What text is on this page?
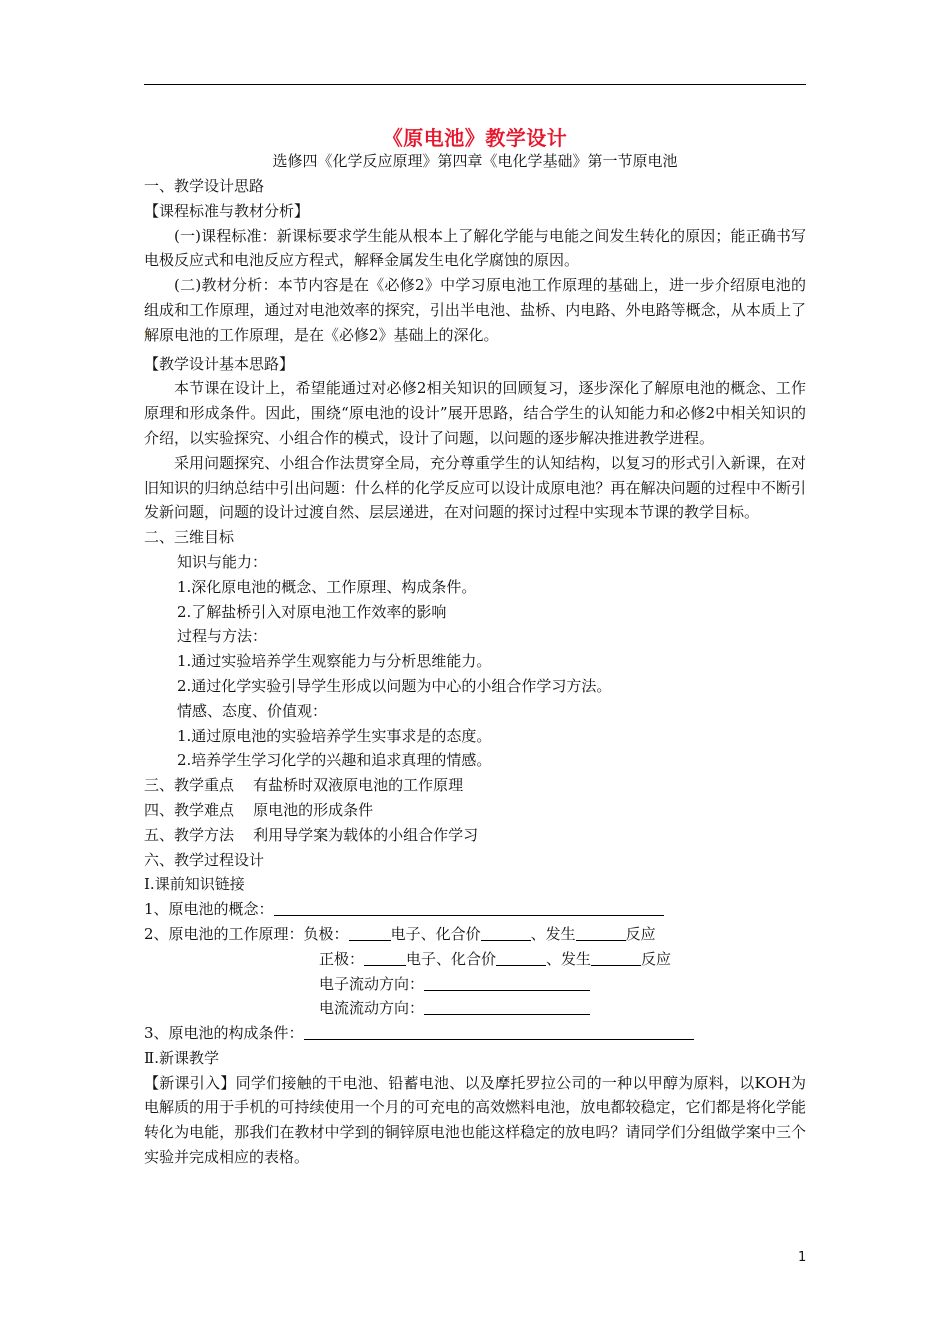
《原电池》教学设计
选修四《化学反应原理》第四章《电化学基础》第一节原电池

一、教学设计思路

【课程标准与教材分析】

(一)课程标准：新课标要求学生能从根本上了解化学能与电能之间发生转化的原因；能正确书写电极反应式和电池反应方程式，解释金属发生电化学腐蚀的原因。

(二)教材分析：本节内容是在《必修2》中学习原电池工作原理的基础上，进一步介绍原电池的组成和工作原理，通过对电池效率的探究，引出半电池、盐桥、内电路、外电路等概念，从本质上了解原电池的工作原理，是在《必修2》基础上的深化。

【教学设计基本思路】

本节课在设计上，希望能通过对必修2相关知识的回顾复习，逐步深化了解原电池的概念、工作原理和形成条件。因此，围绕“原电池的设计”展开思路，结合学生的认知能力和必修2中相关知识的介绍，以实验探究、小组合作的模式，设计了问题，以问题的逐步解决推进教学进程。

采用问题探究、小组合作法贯穿全局，充分尊重学生的认知结构，以复习的形式引入新课，在对旧知识的归纳总结中引出问题：什么样的化学反应可以设计成原电池？再在解决问题的过程中不断引发新问题，问题的设计过渡自然、层层递进，在对问题的探讨过程中实现本节课的教学目标。

二、三维目标

知识与能力：

1.深化原电池的概念、工作原理、构成条件。

2.了解盐桥引入对原电池工作效率的影响

过程与方法：

1.通过实验培养学生观察能力与分析思维能力。

2.通过化学实验引导学生形成以问题为中心的小组合作学习方法。

情感、态度、价值观：

1.通过原电池的实验培养学生实事求是的态度。

2.培养学生学习化学的兴趣和追求真理的情感。

三、教学重点    有盐桥时双液原电池的工作原理

四、教学难点    原电池的形成条件

五、教学方法    利用导学案为载体的小组合作学习

六、教学过程设计

Ⅰ.课前知识链接

1、原电池的概念：

2、原电池的工作原理：负极：	电子、化合价	、发生	反应

正极：	电子、化合价	、发生	反应

电子流动方向：

电流流动方向：

3、原电池的构成条件：

Ⅱ.新课教学

【新课引入】同学们接触的干电池、铅蓄电池、以及摩托罗拉公司的一种以甲醇为原料，以KOH为电解质的用于手机的可持续使用一个月的可充电的高效燃料电池，放电都较稳定，它们都是将化学能转化为电能，那我们在教材中学到的铜锌原电池也能这样稳定的放电吗？请同学们分组做学案中三个实验并完成相应的表格。

1
